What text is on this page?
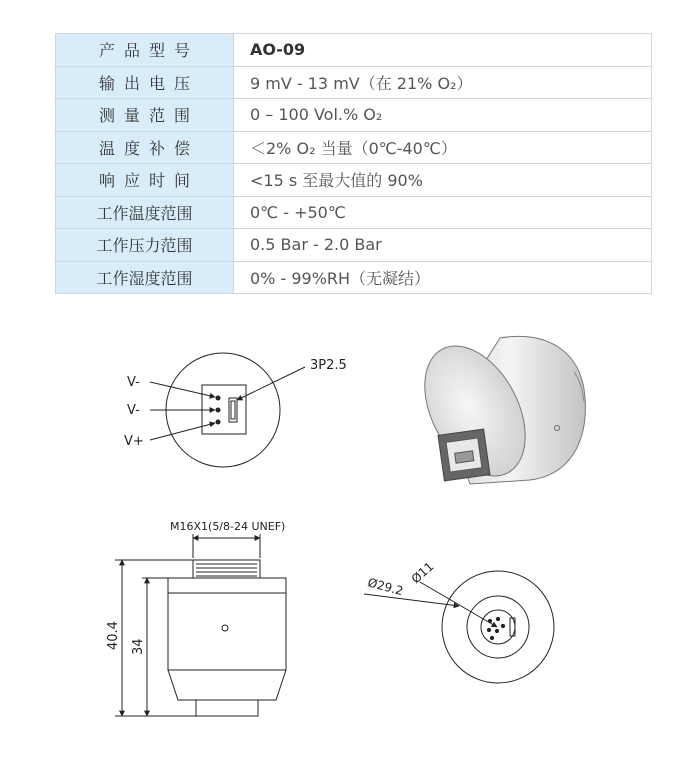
产品型号	AO-09
输出电压	9 mV - 13 mV（在 21% O₂）
测量范围	0 – 100 Vol.% O₂
温度补偿	＜2% O₂ 当量（0℃-40℃）
响应时间	<15 s 至最大值的 90%
工作温度范围	0℃ - +50℃
工作压力范围	0.5 Bar - 2.0 Bar
工作湿度范围	0% - 99%RH（无凝结）
V-
V-
V+
3P2.5
M16X1(5/8-24 UNEF)
40.4 34
Ø29.2
Ø11
